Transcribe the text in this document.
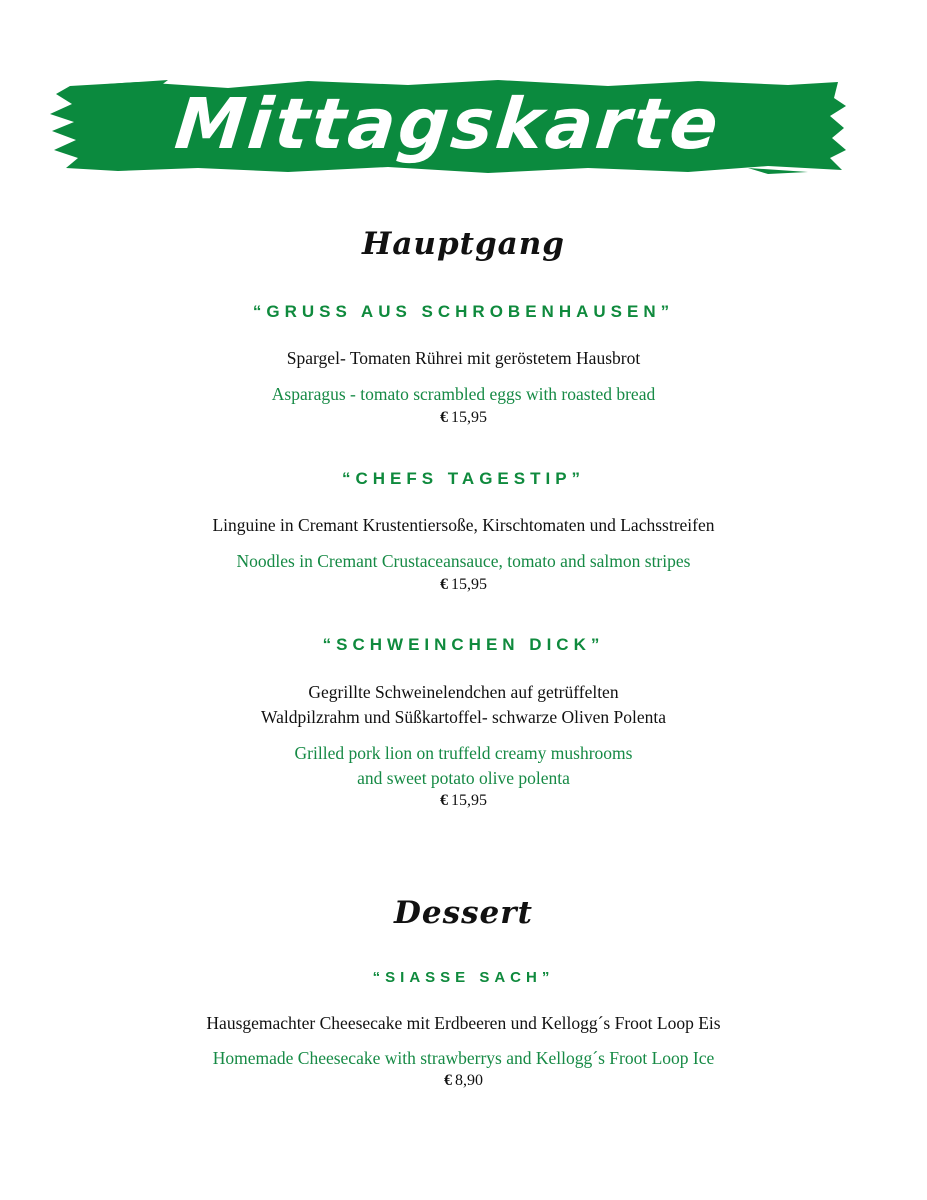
Mittagskarte
Hauptgang
“GRUSS AUS SCHROBENHAUSEN”
Spargel- Tomaten Rührei mit geröstetem Hausbrot
Asparagus - tomato scrambled eggs with roasted bread
€ 15,95
“CHEFS TAGESTIP”
Linguine in Cremant Krustentiersoße, Kirschtomaten und Lachsstreifen
Noodles in Cremant Crustaceansauce, tomato and salmon stripes
€ 15,95
“SCHWEINCHEN DICK”
Gegrillte Schweinelendchen auf getrüffelten
Waldpilzrahm und Süßkartoffel- schwarze Oliven Polenta
Grilled pork lion on truffeld creamy mushrooms
and sweet potato olive polenta
€ 15,95
Dessert
“SIASSE SACH”
Hausgemachter Cheesecake mit Erdbeeren und Kellogg´s Froot Loop Eis
Homemade Cheesecake with strawberrys and Kellogg´s Froot Loop Ice
€ 8,90
